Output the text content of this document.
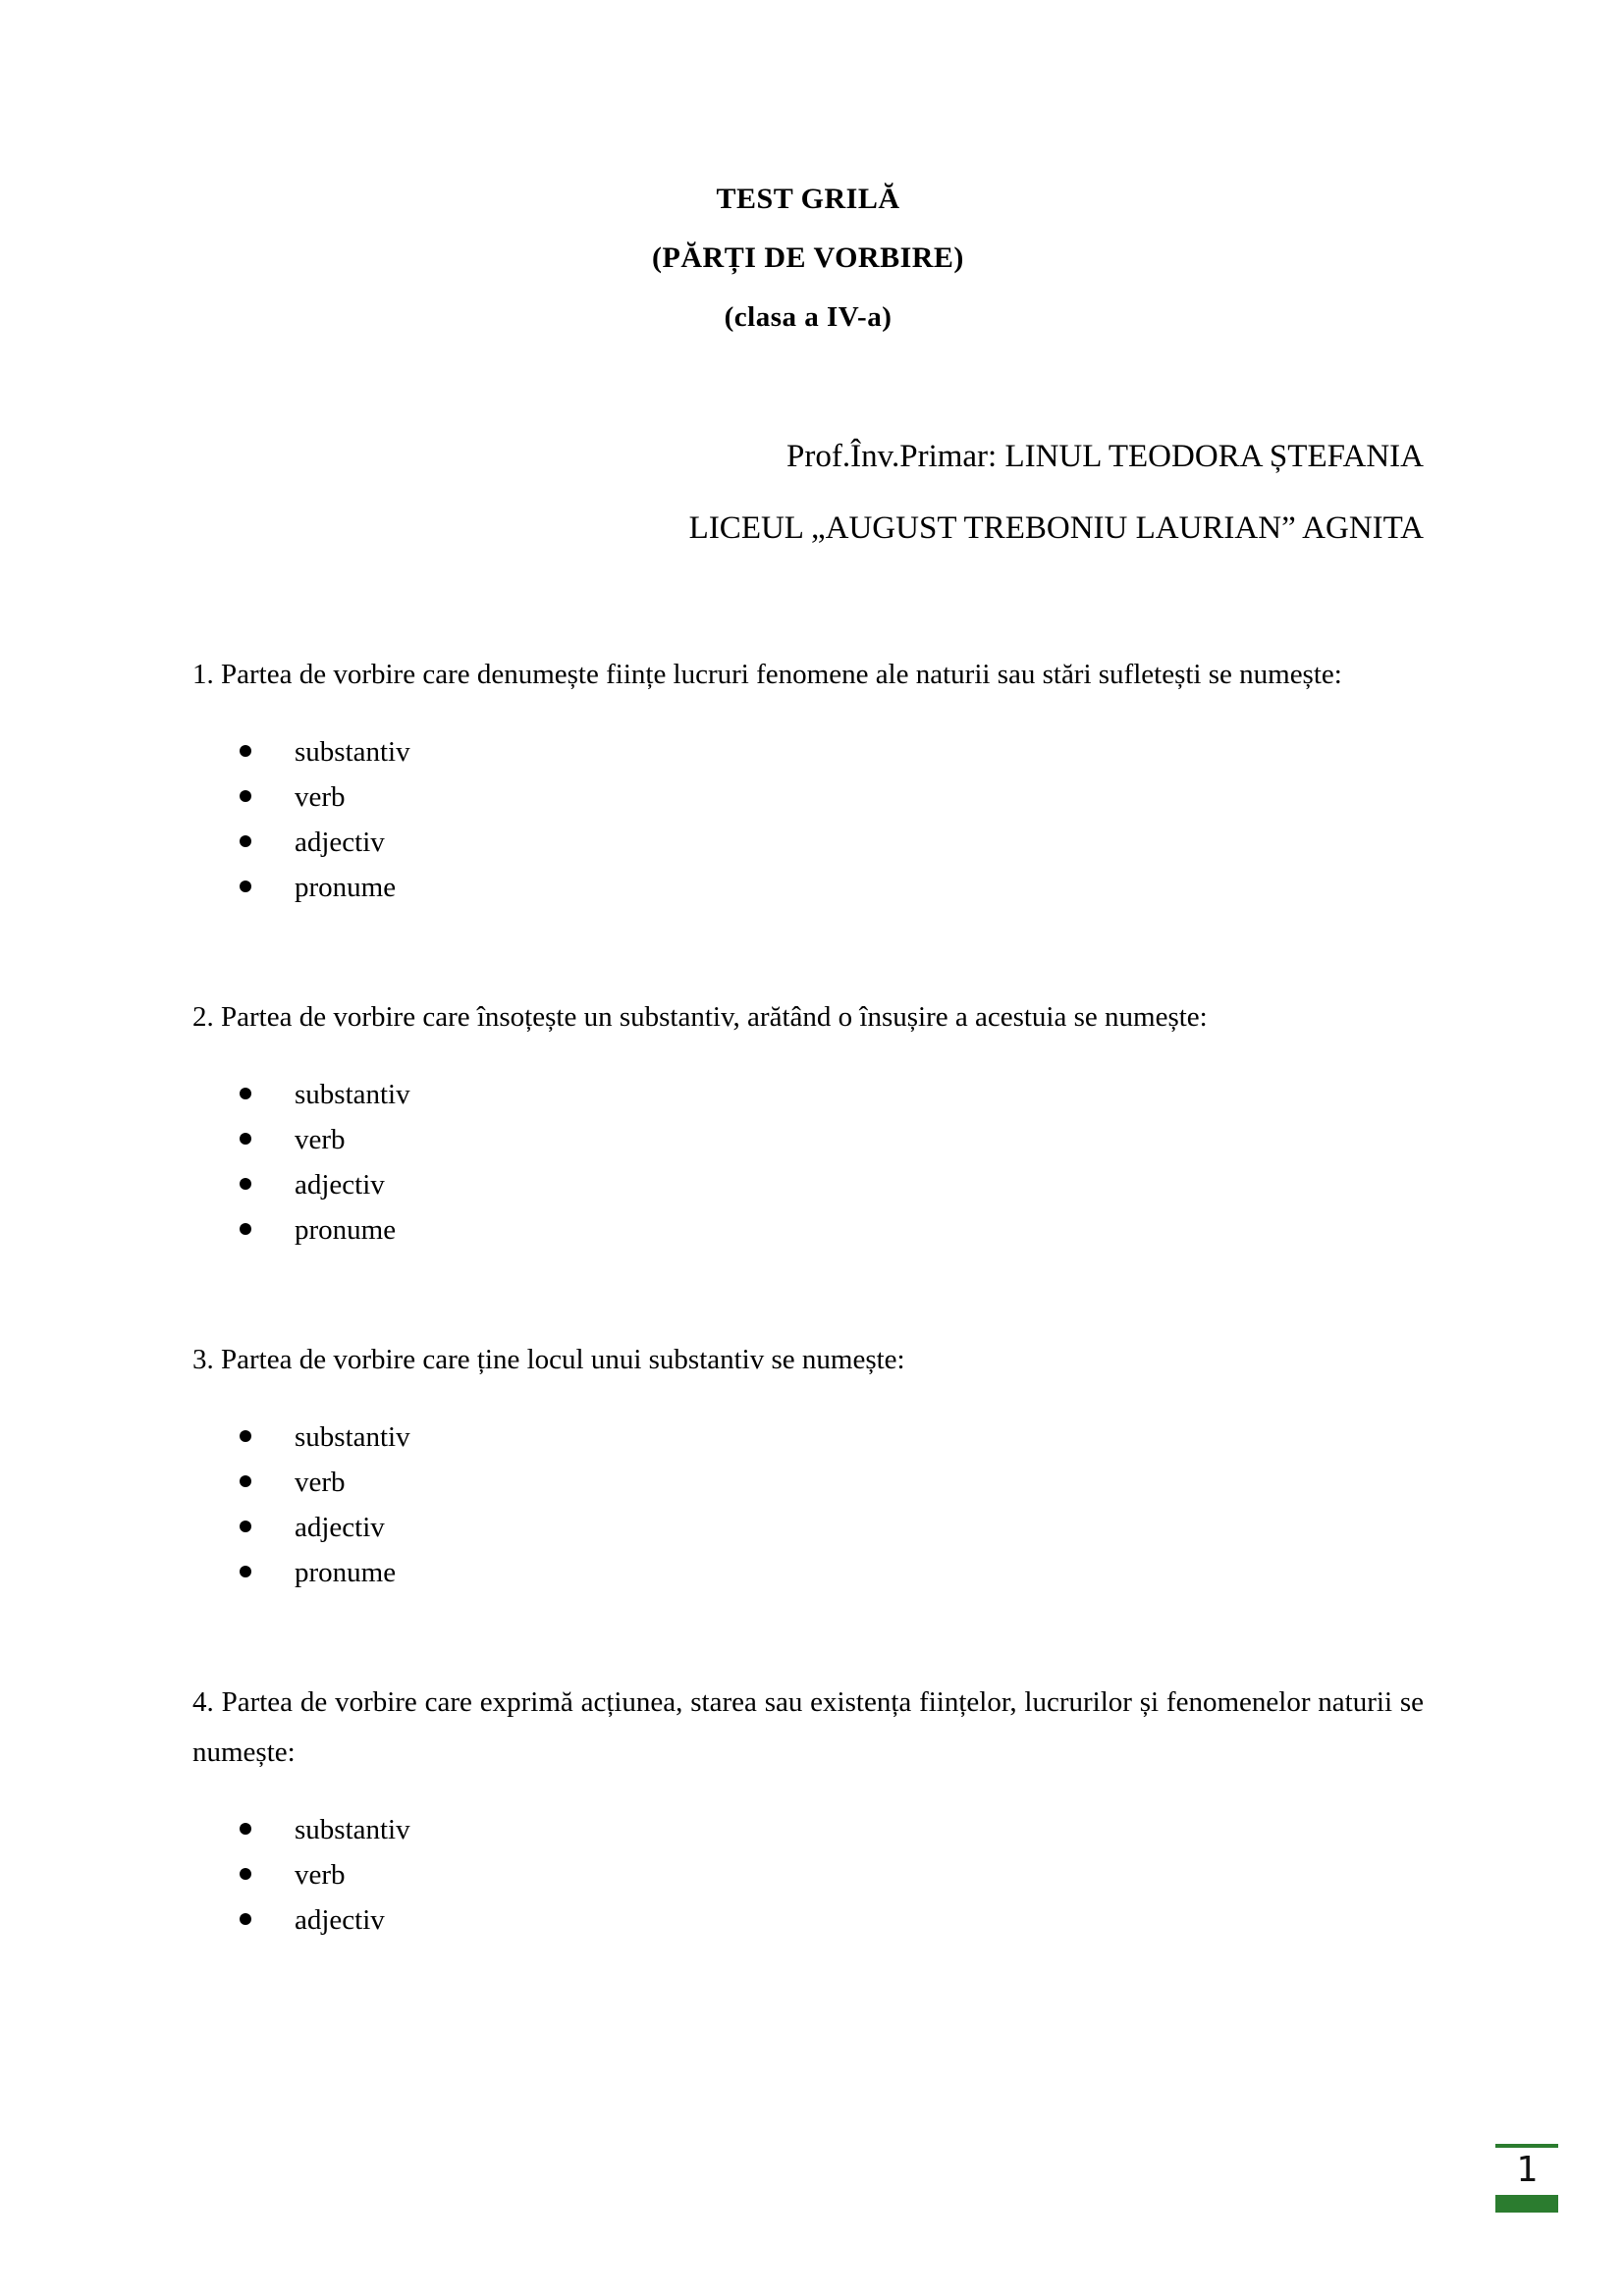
TEST GRILĂ
(PĂRȚI DE VORBIRE)
(clasa a IV-a)
Prof.Înv.Primar: LINUL TEODORA ȘTEFANIA
LICEUL „AUGUST TREBONIU LAURIAN” AGNITA

1. Partea de vorbire care denumește ființe lucruri fenomene ale naturii sau stări sufletești se numește:

substantiv
verb
adjectiv
pronume

2. Partea de vorbire care însoțește un substantiv, arătând o însușire a acestuia se numește:

substantiv
verb
adjectiv
pronume

3. Partea de vorbire care ține locul unui substantiv se numește:

substantiv
verb
adjectiv
pronume

4. Partea de vorbire care exprimă acțiunea, starea sau existența ființelor, lucrurilor și fenomenelor naturii se numește:

substantiv
verb
adjectiv
1
